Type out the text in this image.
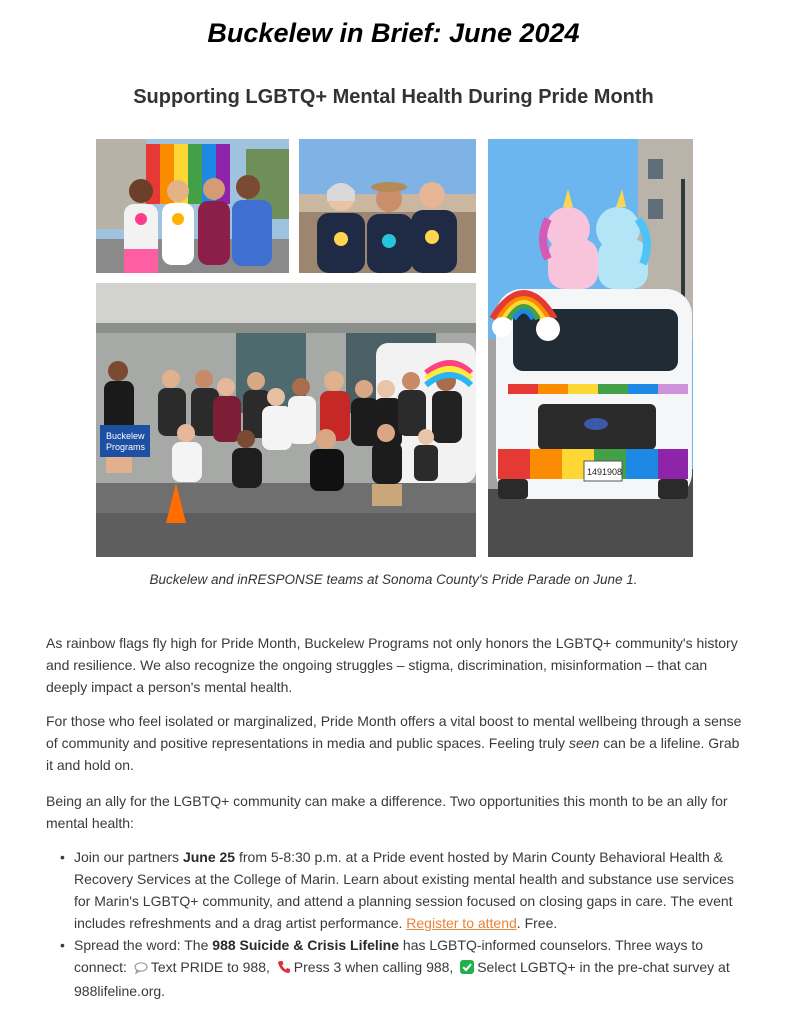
Buckelew in Brief: June 2024
Supporting LGBTQ+ Mental Health During Pride Month
Buckelew
Programs
1491908
Buckelew and inRESPONSE teams at Sonoma County's Pride Parade on June 1.

As rainbow flags fly high for Pride Month, Buckelew Programs not only honors the LGBTQ+ community's history and resilience. We also recognize the ongoing struggles – stigma, discrimination, misinformation – that can deeply impact a person's mental health.

For those who feel isolated or marginalized, Pride Month offers a vital boost to mental wellbeing through a sense of community and positive representations in media and public spaces. Feeling truly seen can be a lifeline. Grab it and hold on.

Being an ally for the LGBTQ+ community can make a difference. Two opportunities this month to be an ally for mental health:

• Join our partners June 25 from 5-8:30 p.m. at a Pride event hosted by Marin County Behavioral Health & Recovery Services at the College of Marin. Learn about existing mental health and substance use services for Marin's LGBTQ+ community, and attend a planning session focused on closing gaps in care. The event includes refreshments and a drag artist performance. Register to attend. Free.
• Spread the word: The 988 Suicide & Crisis Lifeline has LGBTQ-informed counselors. Three ways to connect: Text PRIDE to 988, Press 3 when calling 988, Select LGBTQ+ in the pre-chat survey at 988lifeline.org.
